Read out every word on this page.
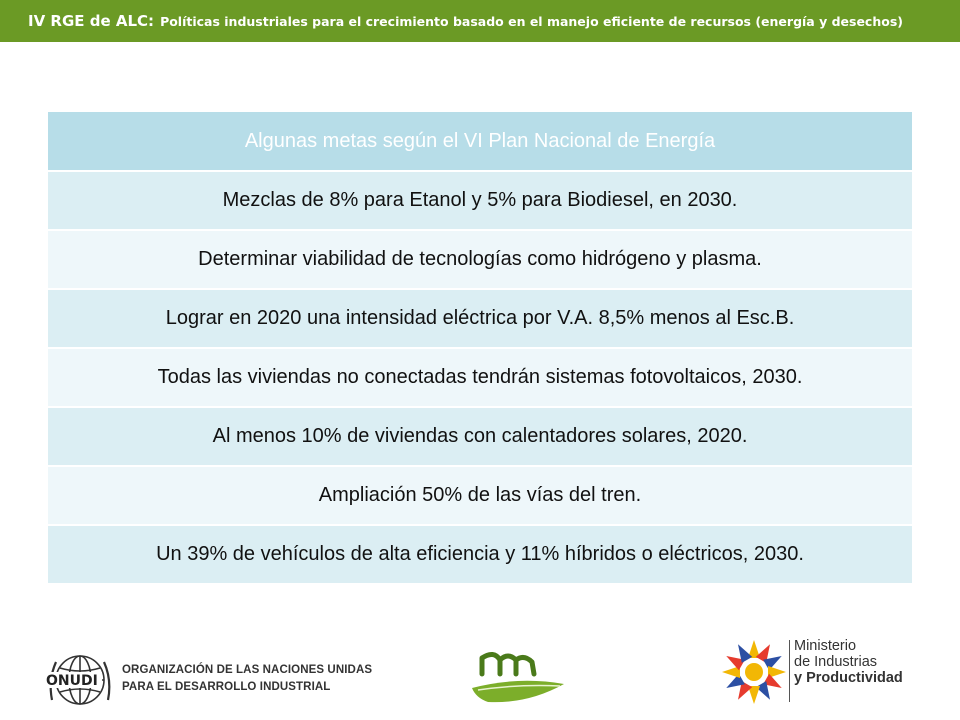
IV RGE de ALC: Políticas industriales para el crecimiento basado en el manejo eficiente de recursos (energía y desechos)
Algunas metas según el VI Plan Nacional de Energía

Mezclas de 8% para Etanol y 5% para Biodiesel, en 2030.

Determinar viabilidad de tecnologías como hidrógeno y plasma.

Lograr en 2020 una intensidad eléctrica por V.A. 8,5% menos al Esc.B.

Todas las viviendas no conectadas tendrán sistemas fotovoltaicos, 2030.

Al menos 10% de viviendas con calentadores solares, 2020.

Ampliación 50% de las vías del tren.

Un 39% de vehículos de alta eficiencia y 11% híbridos o eléctricos, 2030.
ONUDI
ORGANIZACIÓN DE LAS NACIONES UNIDAS
PARA EL DESARROLLO INDUSTRIAL
Ministerio
de Industrias
y Productividad
